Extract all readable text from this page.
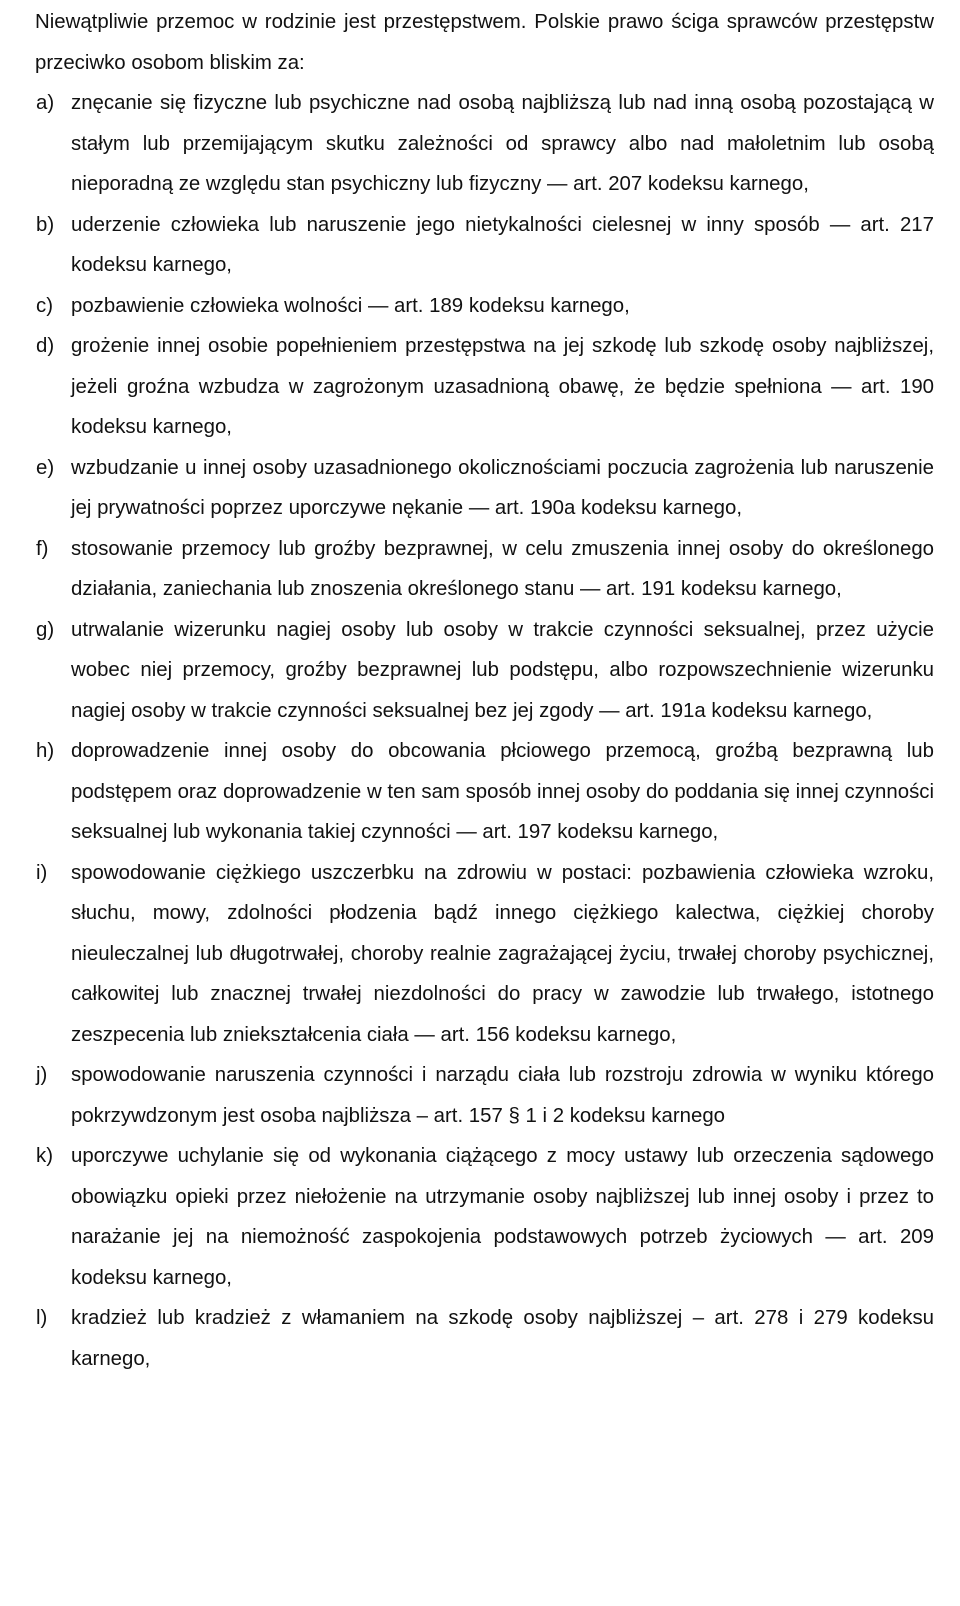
Niewątpliwie przemoc w rodzinie jest przestępstwem. Polskie prawo ściga sprawców przestępstw przeciwko osobom bliskim za:

a) znęcanie się fizyczne lub psychiczne nad osobą najbliższą lub nad inną osobą pozostającą w stałym lub przemijającym skutku zależności od sprawcy albo nad małoletnim lub osobą nieporadną ze względu stan psychiczny lub fizyczny — art. 207 kodeksu karnego,
b) uderzenie człowieka lub naruszenie jego nietykalności cielesnej w inny sposób — art. 217 kodeksu karnego,
c) pozbawienie człowieka wolności — art. 189 kodeksu karnego,
d) grożenie innej osobie popełnieniem przestępstwa na jej szkodę lub szkodę osoby najbliższej, jeżeli groźna wzbudza w zagrożonym uzasadnioną obawę, że będzie spełniona — art. 190 kodeksu karnego,
e) wzbudzanie u innej osoby uzasadnionego okolicznościami poczucia zagrożenia lub naruszenie jej prywatności poprzez uporczywe nękanie — art. 190a kodeksu karnego,
f)	stosowanie przemocy lub groźby bezprawnej, w celu zmuszenia innej osoby do określonego działania, zaniechania lub znoszenia określonego stanu — art. 191 kodeksu karnego,
g) utrwalanie wizerunku nagiej osoby lub osoby w trakcie czynności seksualnej, przez użycie wobec niej przemocy, groźby bezprawnej lub podstępu, albo rozpowszechnienie wizerunku nagiej osoby w trakcie czynności seksualnej bez jej zgody — art. 191a kodeksu karnego,
h) doprowadzenie innej osoby do obcowania płciowego przemocą, groźbą bezprawną lub podstępem oraz doprowadzenie w ten sam sposób innej osoby do poddania się innej czynności seksualnej lub wykonania takiej czynności — art. 197 kodeksu karnego,
i)	spowodowanie ciężkiego uszczerbku na zdrowiu w postaci: pozbawienia człowieka wzroku, słuchu, mowy, zdolności płodzenia bądź innego ciężkiego kalectwa, ciężkiej choroby nieuleczalnej lub długotrwałej, choroby realnie zagrażającej życiu, trwałej choroby psychicznej, całkowitej lub znacznej trwałej niezdolności do pracy w zawodzie lub trwałego, istotnego zeszpecenia lub zniekształcenia ciała — art. 156 kodeksu karnego,
j)	spowodowanie naruszenia czynności i narządu ciała lub rozstroju zdrowia w wyniku którego pokrzywdzonym jest osoba najbliższa – art. 157 § 1 i 2 kodeksu karnego
k) uporczywe uchylanie się od wykonania ciążącego z mocy ustawy lub orzeczenia sądowego obowiązku opieki przez niełożenie na utrzymanie osoby najbliższej lub innej osoby i przez to narażanie jej na niemożność zaspokojenia podstawowych potrzeb życiowych — art. 209 kodeksu karnego,
l)	kradzież lub kradzież z włamaniem na szkodę osoby najbliższej – art. 278 i 279 kodeksu karnego,
